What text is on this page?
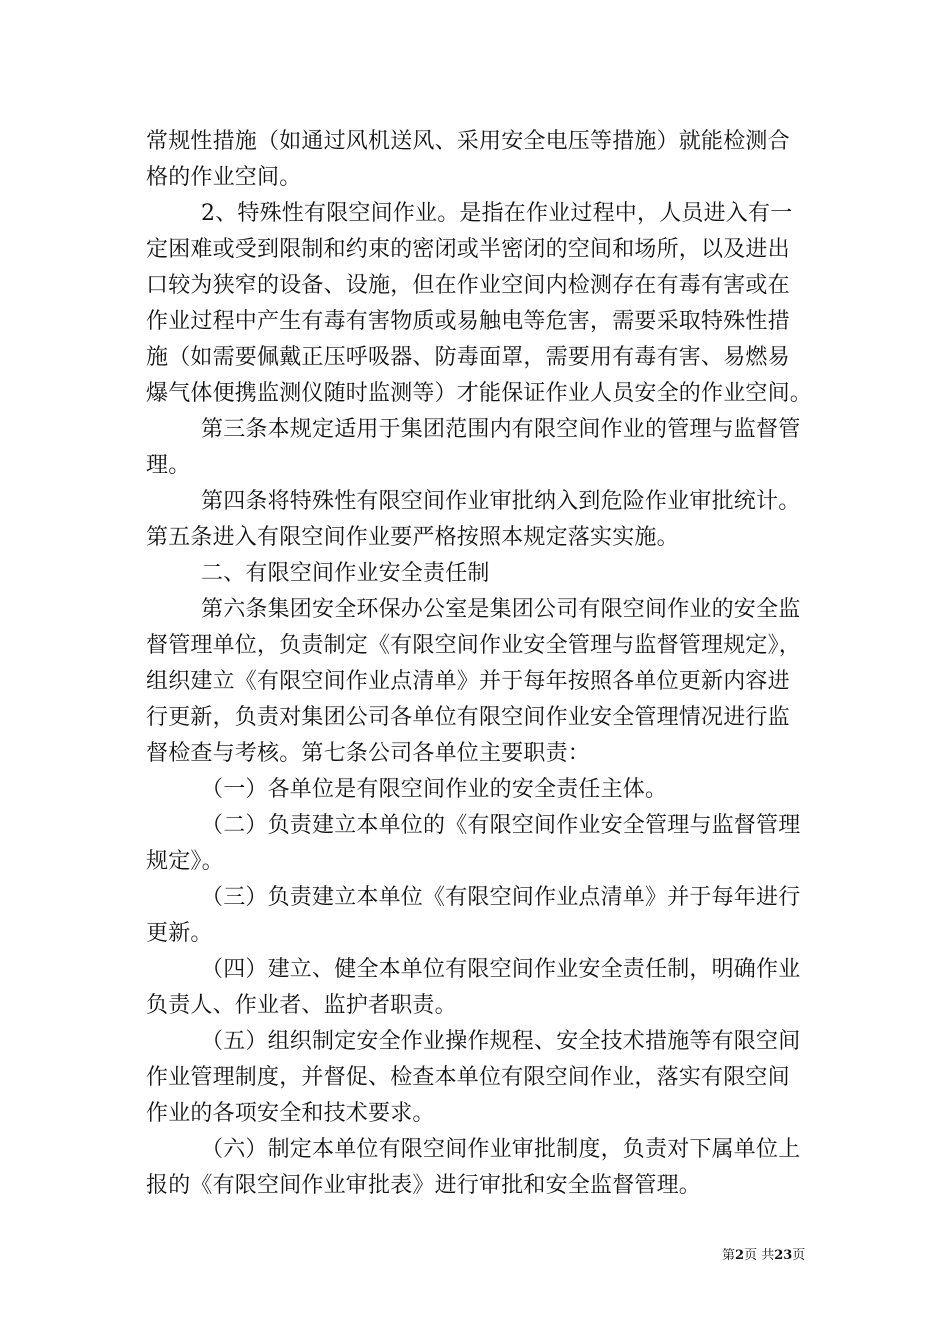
常规性措施（如通过风机送风、采用安全电压等措施）就能检测合
格的作业空间。
2、特殊性有限空间作业。是指在作业过程中，人员进入有一
定困难或受到限制和约束的密闭或半密闭的空间和场所，以及进出
口较为狭窄的设备、设施，但在作业空间内检测存在有毒有害或在
作业过程中产生有毒有害物质或易触电等危害，需要采取特殊性措
施（如需要佩戴正压呼吸器、防毒面罩，需要用有毒有害、易燃易
爆气体便携监测仪随时监测等）才能保证作业人员安全的作业空间。
第三条本规定适用于集团范围内有限空间作业的管理与监督管
理。
第四条将特殊性有限空间作业审批纳入到危险作业审批统计。
第五条进入有限空间作业要严格按照本规定落实实施。
二、有限空间作业安全责任制
第六条集团安全环保办公室是集团公司有限空间作业的安全监
督管理单位，负责制定《有限空间作业安全管理与监督管理规定》，
组织建立《有限空间作业点清单》并于每年按照各单位更新内容进
行更新，负责对集团公司各单位有限空间作业安全管理情况进行监
督检查与考核。第七条公司各单位主要职责：
（一）各单位是有限空间作业的安全责任主体。
（二）负责建立本单位的《有限空间作业安全管理与监督管理
规定》。
（三）负责建立本单位《有限空间作业点清单》并于每年进行
更新。
（四）建立、健全本单位有限空间作业安全责任制，明确作业
负责人、作业者、监护者职责。
（五）组织制定安全作业操作规程、安全技术措施等有限空间
作业管理制度，并督促、检查本单位有限空间作业，落实有限空间
作业的各项安全和技术要求。
（六）制定本单位有限空间作业审批制度，负责对下属单位上
报的《有限空间作业审批表》进行审批和安全监督管理。
第2页 共23页
